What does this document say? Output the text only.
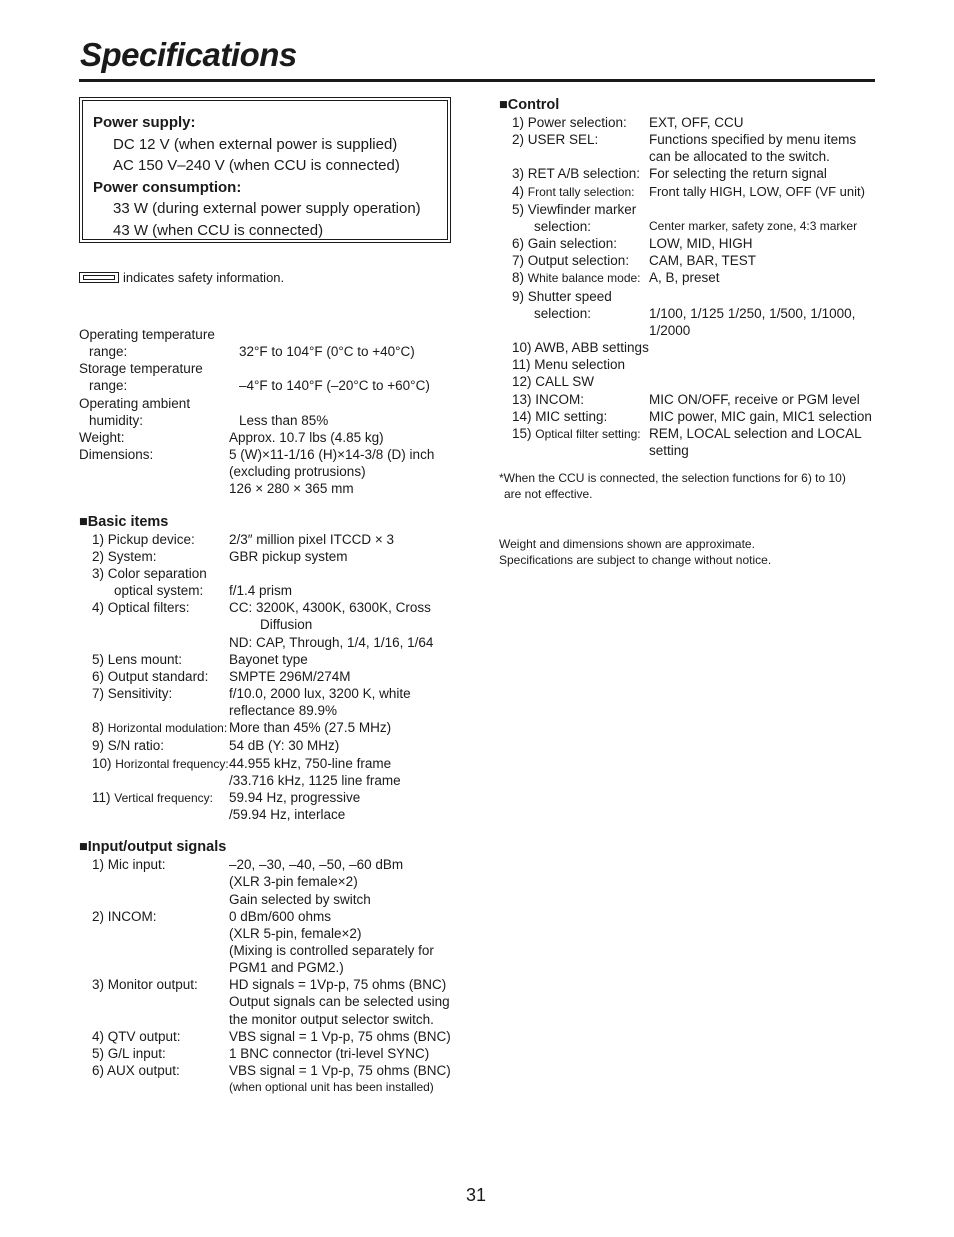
Specifications
Power supply:
DC 12 V (when external power is supplied)
AC 150 V–240 V (when CCU is connected)
Power consumption:
33 W (during external power supply operation)
43 W (when CCU is connected)
indicates safety information.
Operating temperature
range:	32°F to 104°F (0°C to +40°C)
Storage temperature
range:	–4°F to 140°F (–20°C to +60°C)
Operating ambient
humidity:	Less than 85%
Weight:	Approx. 10.7 lbs (4.85 kg)
Dimensions:	5 (W)×11-1/16 (H)×14-3/8 (D) inch
(excluding protrusions)
126 × 280 × 365 mm
■Basic items
1) Pickup device:	2/3″ million pixel ITCCD × 3
2) System:	GBR pickup system
3) Color separation
optical system:	f/1.4 prism
4) Optical filters:	CC: 3200K, 4300K, 6300K, Cross
Diffusion
ND: CAP, Through, 1/4, 1/16, 1/64
5) Lens mount:	Bayonet type
6) Output standard:	SMPTE 296M/274M
7) Sensitivity:	f/10.0, 2000 lux, 3200 K, white
reflectance 89.9%
8) Horizontal modulation: More than 45% (27.5 MHz)
9) S/N ratio:	54 dB (Y: 30 MHz)
10) Horizontal frequency: 44.955 kHz, 750-line frame
/33.716 kHz, 1125 line frame
11) Vertical frequency:	59.94 Hz, progressive
/59.94 Hz, interlace
■Input/output signals
1) Mic input:	–20, –30, –40, –50, –60 dBm
(XLR 3-pin female×2)
Gain selected by switch
2) INCOM:	0 dBm/600 ohms
(XLR 5-pin, female×2)
(Mixing is controlled separately for
PGM1 and PGM2.)
3) Monitor output:	HD signals = 1Vp-p, 75 ohms (BNC)
Output signals can be selected using
the monitor output selector switch.
4) QTV output:	VBS signal = 1 Vp-p, 75 ohms (BNC)
5) G/L input:	1 BNC connector (tri-level SYNC)
6) AUX output:	VBS signal = 1 Vp-p, 75 ohms (BNC)
(when optional unit has been installed)
■Control
1) Power selection:	EXT, OFF, CCU
2) USER SEL:	Functions specified by menu items
can be allocated to the switch.
3) RET A/B selection: For selecting the return signal
4) Front tally selection:	Front tally HIGH, LOW, OFF (VF unit)
5) Viewfinder marker
selection:	Center marker, safety zone, 4:3 marker
6) Gain selection:	LOW, MID, HIGH
7) Output selection:	CAM, BAR, TEST
8) White balance mode: A, B, preset
9) Shutter speed
selection:	1/100, 1/125 1/250, 1/500, 1/1000,
1/2000
10) AWB, ABB settings
11) Menu selection
12) CALL SW
13) INCOM:	MIC ON/OFF, receive or PGM level
14) MIC setting:	MIC power, MIC gain, MIC1 selection
15) Optical filter setting: REM, LOCAL selection and LOCAL
setting
*When the CCU is connected, the selection functions for 6) to 10)
are not effective.
Weight and dimensions shown are approximate.
Specifications are subject to change without notice.
31
